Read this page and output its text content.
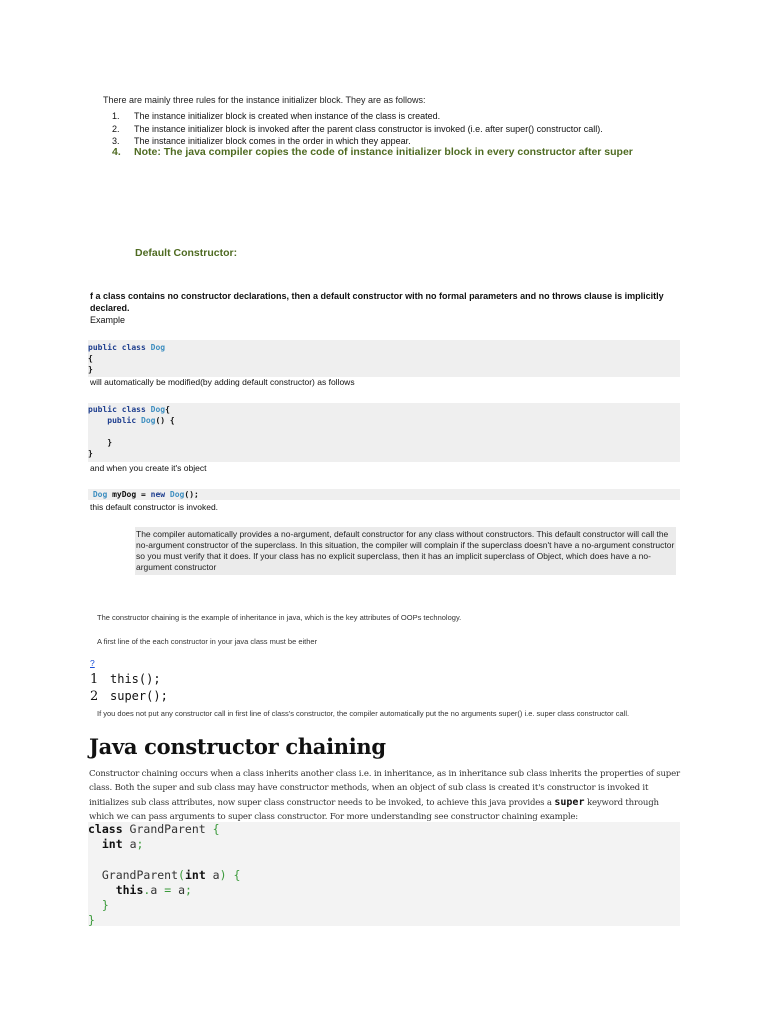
There are mainly three rules for the instance initializer block. They are as follows:
1. The instance initializer block is created when instance of the class is created.
2. The instance initializer block is invoked after the parent class constructor is invoked (i.e. after super() constructor call).
3. The instance initializer block comes in the order in which they appear.
4. Note: The java compiler copies the code of instance initializer block in every constructor after super
Default Constructor:
f a class contains no constructor declarations, then a default constructor with no formal parameters and no throws clause is implicitly declared.
Example
public class Dog
{
}
will automatically be modified(by adding default constructor) as follows
public class Dog{
public Dog() {

}
}
and when you create it's object
Dog myDog = new Dog();
this default constructor is invoked.
The compiler automatically provides a no-argument, default constructor for any class without constructors. This default constructor will call the no-argument constructor of the superclass. In this situation, the compiler will complain if the superclass doesn't have a no-argument constructor so you must verify that it does. If your class has no explicit superclass, then it has an implicit superclass of Object, which does have a no-argument constructor
The constructor chaining is the example of inheritance in java, which is the key attributes of OOPs technology.
A first line of the each constructor in your java class must be either
?
1 this();
2 super();
If you does not put any constructor call in first line of class's constructor, the compiler automatically put the no arguments super() i.e. super class constructor call.
Java constructor chaining
Constructor chaining occurs when a class inherits another class i.e. in inheritance, as in inheritance sub class inherits the properties of super class. Both the super and sub class may have constructor methods, when an object of sub class is created it's constructor is invoked it initializes sub class attributes, now super class constructor needs to be invoked, to achieve this java provides a super keyword through which we can pass arguments to super class constructor. For more understanding see constructor chaining example:
class GrandParent {
int a;

GrandParent(int a) {
this.a = a;
}
}
